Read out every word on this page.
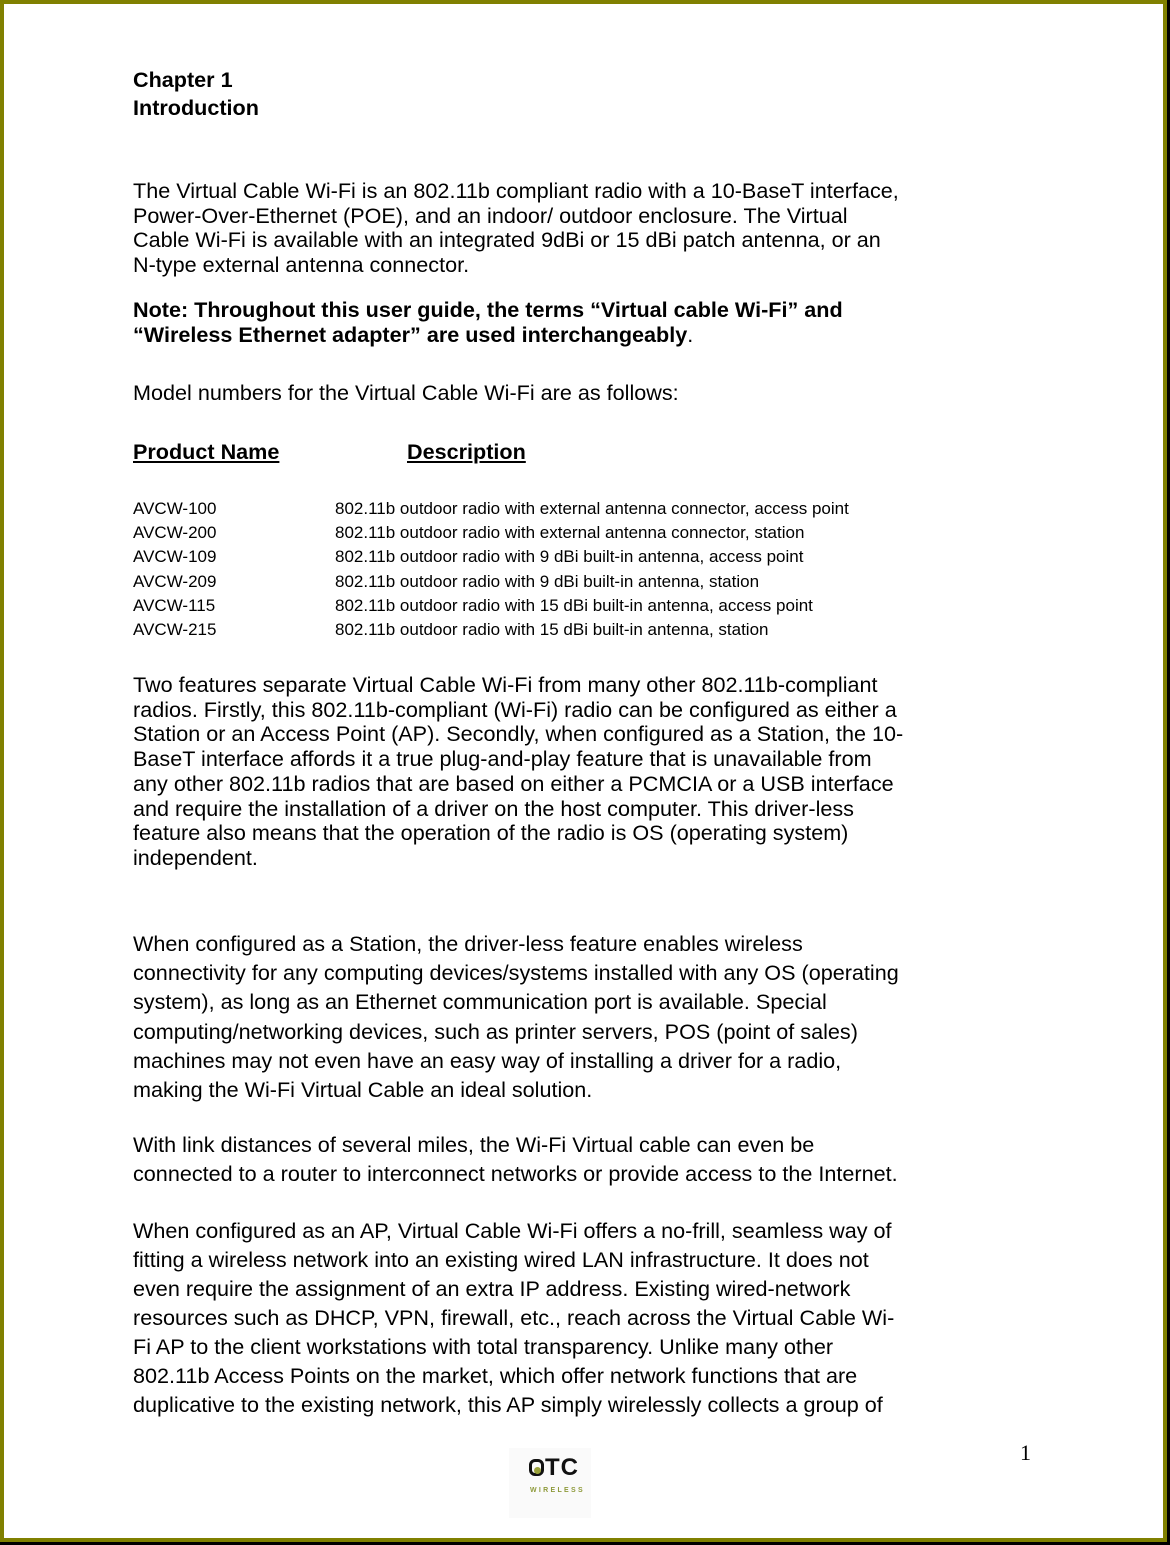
Chapter 1
Introduction
The Virtual Cable Wi-Fi is an 802.11b compliant radio with a 10-BaseT interface,
Power-Over-Ethernet (POE), and an indoor/ outdoor enclosure. The Virtual
Cable Wi-Fi is available with an integrated 9dBi or 15 dBi patch antenna, or an
N-type external antenna connector.
Note: Throughout this user guide, the terms “Virtual cable Wi-Fi” and
“Wireless Ethernet adapter” are used interchangeably.
Model numbers for the Virtual Cable Wi-Fi are as follows:
Product Name	Description
AVCW-100	802.11b outdoor radio with external antenna connector, access point
AVCW-200	802.11b outdoor radio with external antenna connector, station
AVCW-109	802.11b outdoor radio with 9 dBi built-in antenna, access point
AVCW-209	802.11b outdoor radio with 9 dBi built-in antenna, station
AVCW-115	802.11b outdoor radio with 15 dBi built-in antenna, access point
AVCW-215	802.11b outdoor radio with 15 dBi built-in antenna, station
Two features separate Virtual Cable Wi-Fi from many other 802.11b-compliant
radios. Firstly, this 802.11b-compliant (Wi-Fi) radio can be configured as either a
Station or an Access Point (AP). Secondly, when configured as a Station, the 10-
BaseT interface affords it a true plug-and-play feature that is unavailable from
any other 802.11b radios that are based on either a PCMCIA or a USB interface
and require the installation of a driver on the host computer. This driver-less
feature also means that the operation of the radio is OS (operating system)
independent.
When configured as a Station, the driver-less feature enables wireless
connectivity for any computing devices/systems installed with any OS (operating
system), as long as an Ethernet communication port is available. Special
computing/networking devices, such as printer servers, POS (point of sales)
machines may not even have an easy way of installing a driver for a radio,
making the Wi-Fi Virtual Cable an ideal solution.
With link distances of several miles, the Wi-Fi Virtual cable can even be
connected to a router to interconnect networks or provide access to the Internet.
When configured as an AP, Virtual Cable Wi-Fi offers a no-frill, seamless way of
fitting a wireless network into an existing wired LAN infrastructure. It does not
even require the assignment of an extra IP address. Existing wired-network
resources such as DHCP, VPN, firewall, etc., reach across the Virtual Cable Wi-
Fi AP to the client workstations with total transparency. Unlike many other
802.11b Access Points on the market, which offer network functions that are
duplicative to the existing network, this AP simply wirelessly collects a group of
1
TC
WIRELESS
